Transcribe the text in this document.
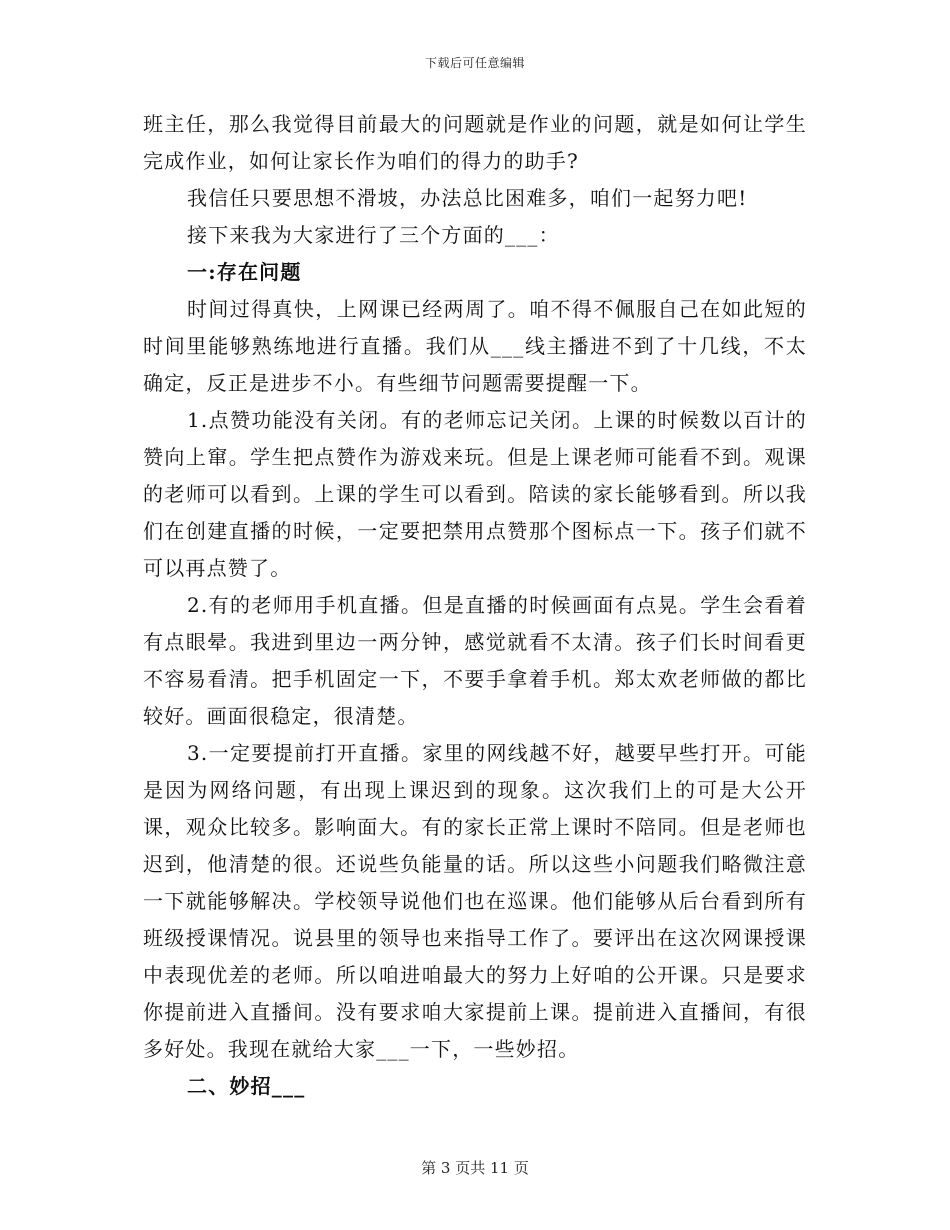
下载后可任意编辑

班主任，那么我觉得目前最大的问题就是作业的问题，就是如何让学生完成作业，如何让家长作为咱们的得力的助手?

我信任只要思想不滑坡，办法总比困难多，咱们一起努力吧!

接下来我为大家进行了三个方面的___：

一:存在问题

时间过得真快，上网课已经两周了。咱不得不佩服自己在如此短的时间里能够熟练地进行直播。我们从___线主播进不到了十几线，不太确定，反正是进步不小。有些细节问题需要提醒一下。

1.点赞功能没有关闭。有的老师忘记关闭。上课的时候数以百计的赞向上窜。学生把点赞作为游戏来玩。但是上课老师可能看不到。观课的老师可以看到。上课的学生可以看到。陪读的家长能够看到。所以我们在创建直播的时候，一定要把禁用点赞那个图标点一下。孩子们就不可以再点赞了。

2.有的老师用手机直播。但是直播的时候画面有点晃。学生会看着有点眼晕。我进到里边一两分钟，感觉就看不太清。孩子们长时间看更不容易看清。把手机固定一下，不要手拿着手机。郑太欢老师做的都比较好。画面很稳定，很清楚。

3.一定要提前打开直播。家里的网线越不好，越要早些打开。可能是因为网络问题，有出现上课迟到的现象。这次我们上的可是大公开课，观众比较多。影响面大。有的家长正常上课时不陪同。但是老师也迟到，他清楚的很。还说些负能量的话。所以这些小问题我们略微注意一下就能够解决。学校领导说他们也在巡课。他们能够从后台看到所有班级授课情况。说县里的领导也来指导工作了。要评出在这次网课授课中表现优差的老师。所以咱进咱最大的努力上好咱的公开课。只是要求你提前进入直播间。没有要求咱大家提前上课。提前进入直播间，有很多好处。我现在就给大家___一下，一些妙招。

二、妙招___

第 3 页共 11 页
